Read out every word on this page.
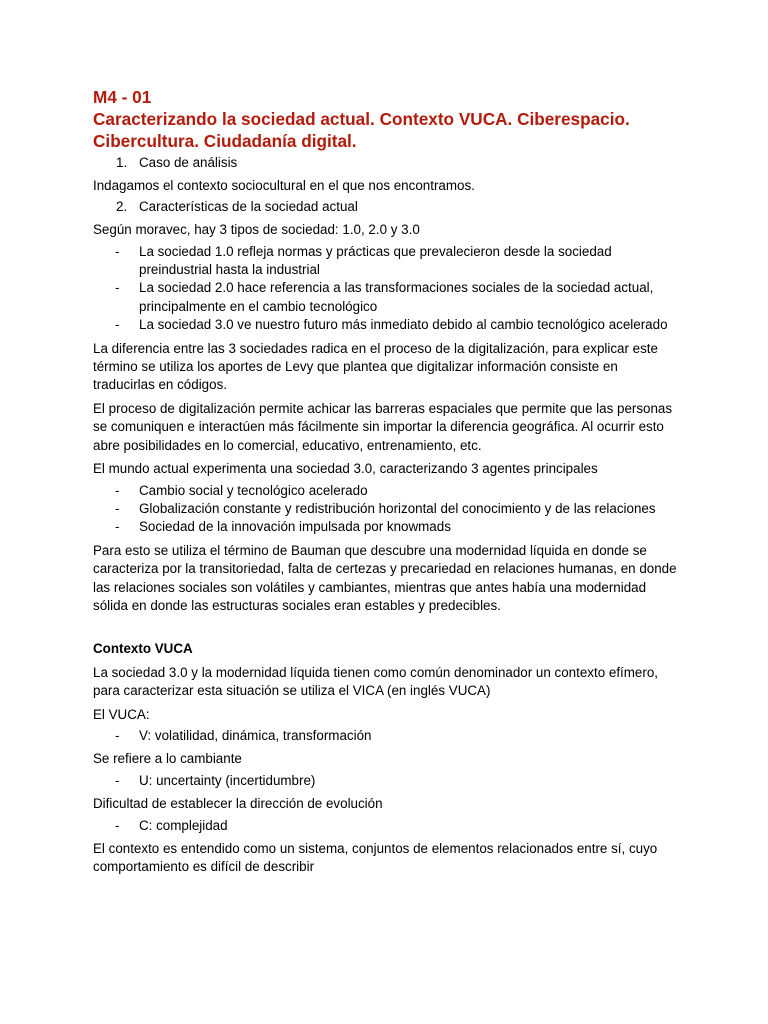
M4 - 01
Caracterizando la sociedad actual. Contexto VUCA. Ciberespacio.
Cibercultura. Ciudadanía digital.
1. Caso de análisis

Indagamos el contexto sociocultural en el que nos encontramos.

2. Características de la sociedad actual

Según moravec, hay 3 tipos de sociedad: 1.0, 2.0 y 3.0

- La sociedad 1.0 refleja normas y prácticas que prevalecieron desde la sociedad preindustrial hasta la industrial
- La sociedad 2.0 hace referencia a las transformaciones sociales de la sociedad actual, principalmente en el cambio tecnológico
- La sociedad 3.0 ve nuestro futuro más inmediato debido al cambio tecnológico acelerado

La diferencia entre las 3 sociedades radica en el proceso de la digitalización, para explicar este término se utiliza los aportes de Levy que plantea que digitalizar información consiste en traducirlas en códigos.

El proceso de digitalización permite achicar las barreras espaciales que permite que las personas se comuniquen e interactúen más fácilmente sin importar la diferencia geográfica. Al ocurrir esto abre posibilidades en lo comercial, educativo, entrenamiento, etc.

El mundo actual experimenta una sociedad 3.0, caracterizando 3 agentes principales

- Cambio social y tecnológico acelerado
- Globalización constante y redistribución horizontal del conocimiento y de las relaciones
- Sociedad de la innovación impulsada por knowmads

Para esto se utiliza el término de Bauman que descubre una modernidad líquida en donde se caracteriza por la transitoriedad, falta de certezas y precariedad en relaciones humanas, en donde las relaciones sociales son volátiles y cambiantes, mientras que antes había una modernidad sólida en donde las estructuras sociales eran estables y predecibles.

Contexto VUCA

La sociedad 3.0 y la modernidad líquida tienen como común denominador un contexto efímero, para caracterizar esta situación se utiliza el VICA (en inglés VUCA)

El VUCA:

- V: volatilidad, dinámica, transformación

Se refiere a lo cambiante

- U: uncertainty (incertidumbre)

Dificultad de establecer la dirección de evolución

- C: complejidad

El contexto es entendido como un sistema, conjuntos de elementos relacionados entre sí, cuyo comportamiento es difícil de describir
